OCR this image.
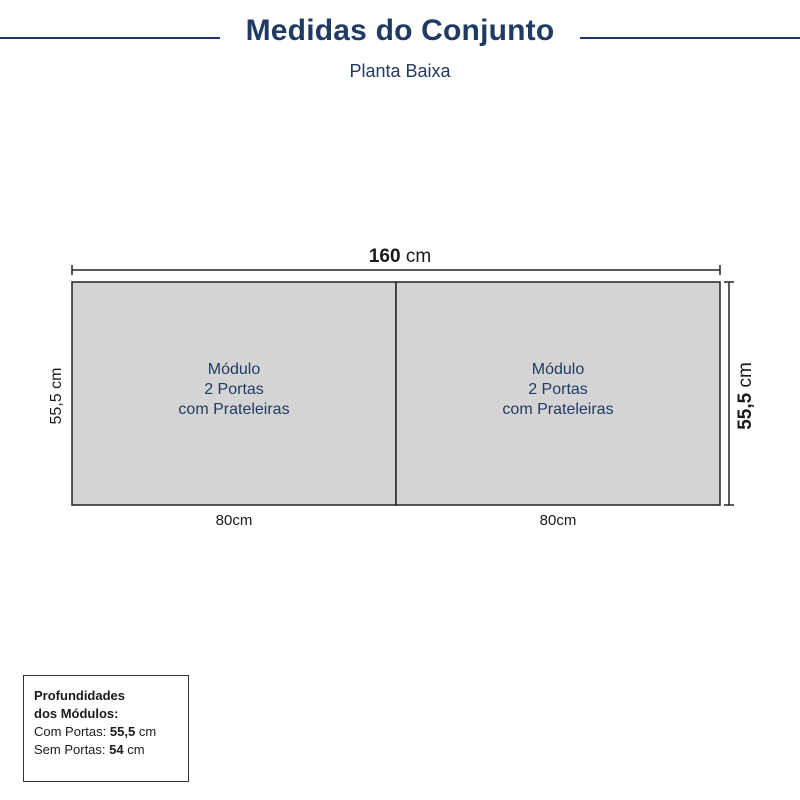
Medidas do Conjunto
Planta Baixa
160 cm
55,5 cm	55,5 cm
Módulo
2 Portas
com Prateleiras
Módulo
2 Portas
com Prateleiras
80cm	80cm
Profundidades
dos Módulos:
Com Portas: 55,5 cm
Sem Portas: 54 cm
